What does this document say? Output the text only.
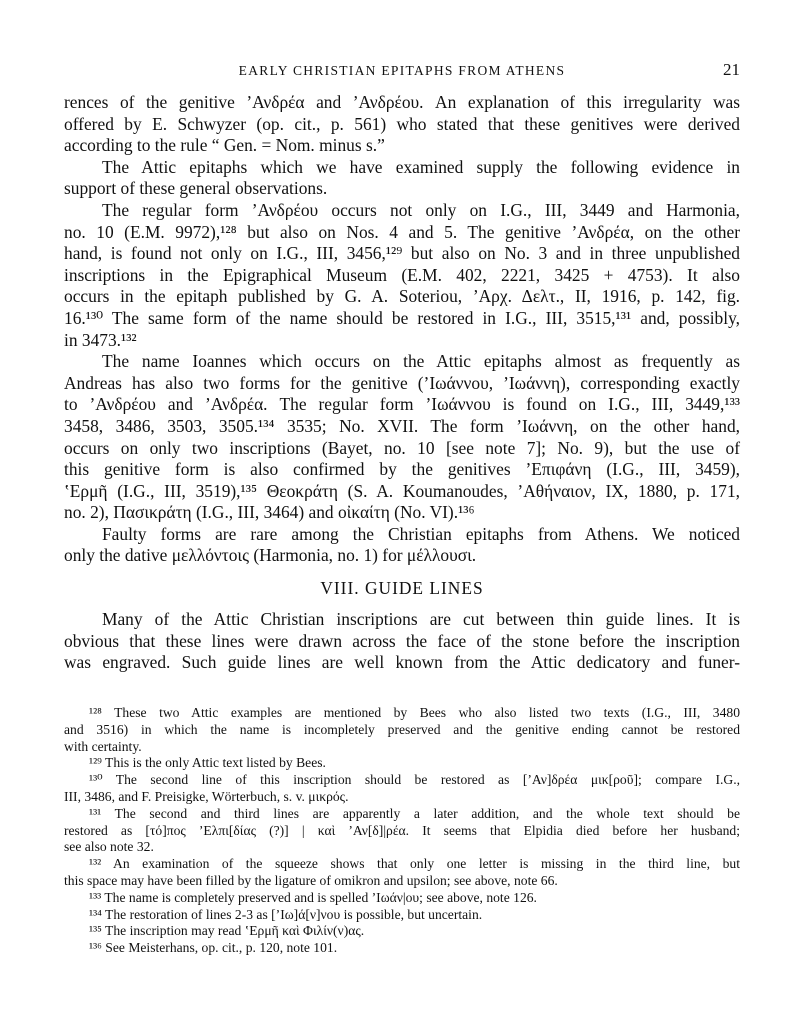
EARLY CHRISTIAN EPITAPHS FROM ATHENS	21
rences of the genitive ʼΑνδρέα and ʼΑνδρέου. An explanation of this irregularity was
offered by E. Schwyzer (op. cit., p. 561) who stated that these genitives were derived
according to the rule “ Gen. = Nom. minus s.”
The Attic epitaphs which we have examined supply the following evidence in
support of these general observations.
The regular form ʼΑνδρέου occurs not only on I.G., III, 3449 and Harmonia,
no. 10 (E.M. 9972),¹²⁸ but also on Nos. 4 and 5. The genitive ʼΑνδρέα, on the other
hand, is found not only on I.G., III, 3456,¹²⁹ but also on No. 3 and in three unpublished
inscriptions in the Epigraphical Museum (E.M. 402, 2221, 3425 + 4753). It also
occurs in the epitaph published by G. A. Soteriou, ʼΑρχ. Δελτ., II, 1916, p. 142, fig.
16.¹³⁰ The same form of the name should be restored in I.G., III, 3515,¹³¹ and, possibly,
in 3473.¹³²
The name Ioannes which occurs on the Attic epitaphs almost as frequently as
Andreas has also two forms for the genitive (ʼΙωάννου, ʼΙωάννη), corresponding exactly
to ʼΑνδρέου and ʼΑνδρέα. The regular form ʼΙωάννου is found on I.G., III, 3449,¹³³
3458, 3486, 3503, 3505.¹³⁴ 3535; No. XVII. The form ʼΙωάννη, on the other hand,
occurs on only two inscriptions (Bayet, no. 10 [see note 7]; No. 9), but the use of
this genitive form is also confirmed by the genitives ʼΕπιφάνη (I.G., III, 3459),
ʽΕρμῆ (I.G., III, 3519),¹³⁵ Θεοκράτη (S. A. Koumanoudes, ʼΑθήναιον, IX, 1880, p. 171,
no. 2), Πασικράτη (I.G., III, 3464) and οἰκαίτη (No. VI).¹³⁶
Faulty forms are rare among the Christian epitaphs from Athens. We noticed
only the dative μελλόντοις (Harmonia, no. 1) for μέλλουσι.
VIII. GUIDE LINES
Many of the Attic Christian inscriptions are cut between thin guide lines. It is
obvious that these lines were drawn across the face of the stone before the inscription
was engraved. Such guide lines are well known from the Attic dedicatory and funer-
¹²⁸ These two Attic examples are mentioned by Bees who also listed two texts (I.G., III, 3480
and 3516) in which the name is incompletely preserved and the genitive ending cannot be restored
with certainty.
¹²⁹ This is the only Attic text listed by Bees.
¹³⁰ The second line of this inscription should be restored as [ʼΑν]δρέα μικ[ροῦ]; compare I.G.,
III, 3486, and F. Preisigke, Wörterbuch, s. v. μικρός.
¹³¹ The second and third lines are apparently a later addition, and the whole text should be
restored as [τό]πος ʼΕλπι[δίας (?)] | καὶ ʼΑν[δ]|ρέα. It seems that Elpidia died before her husband;
see also note 32.
¹³² An examination of the squeeze shows that only one letter is missing in the third line, but
this space may have been filled by the ligature of omikron and upsilon; see above, note 66.
¹³³ The name is completely preserved and is spelled ʼΙωάν|ου; see above, note 126.
¹³⁴ The restoration of lines 2-3 as [ʼΙω]ά[ν]νου is possible, but uncertain.
¹³⁵ The inscription may read ʽΕρμῆ καὶ Φιλίν(ν)ας.
¹³⁶ See Meisterhans, op. cit., p. 120, note 101.
